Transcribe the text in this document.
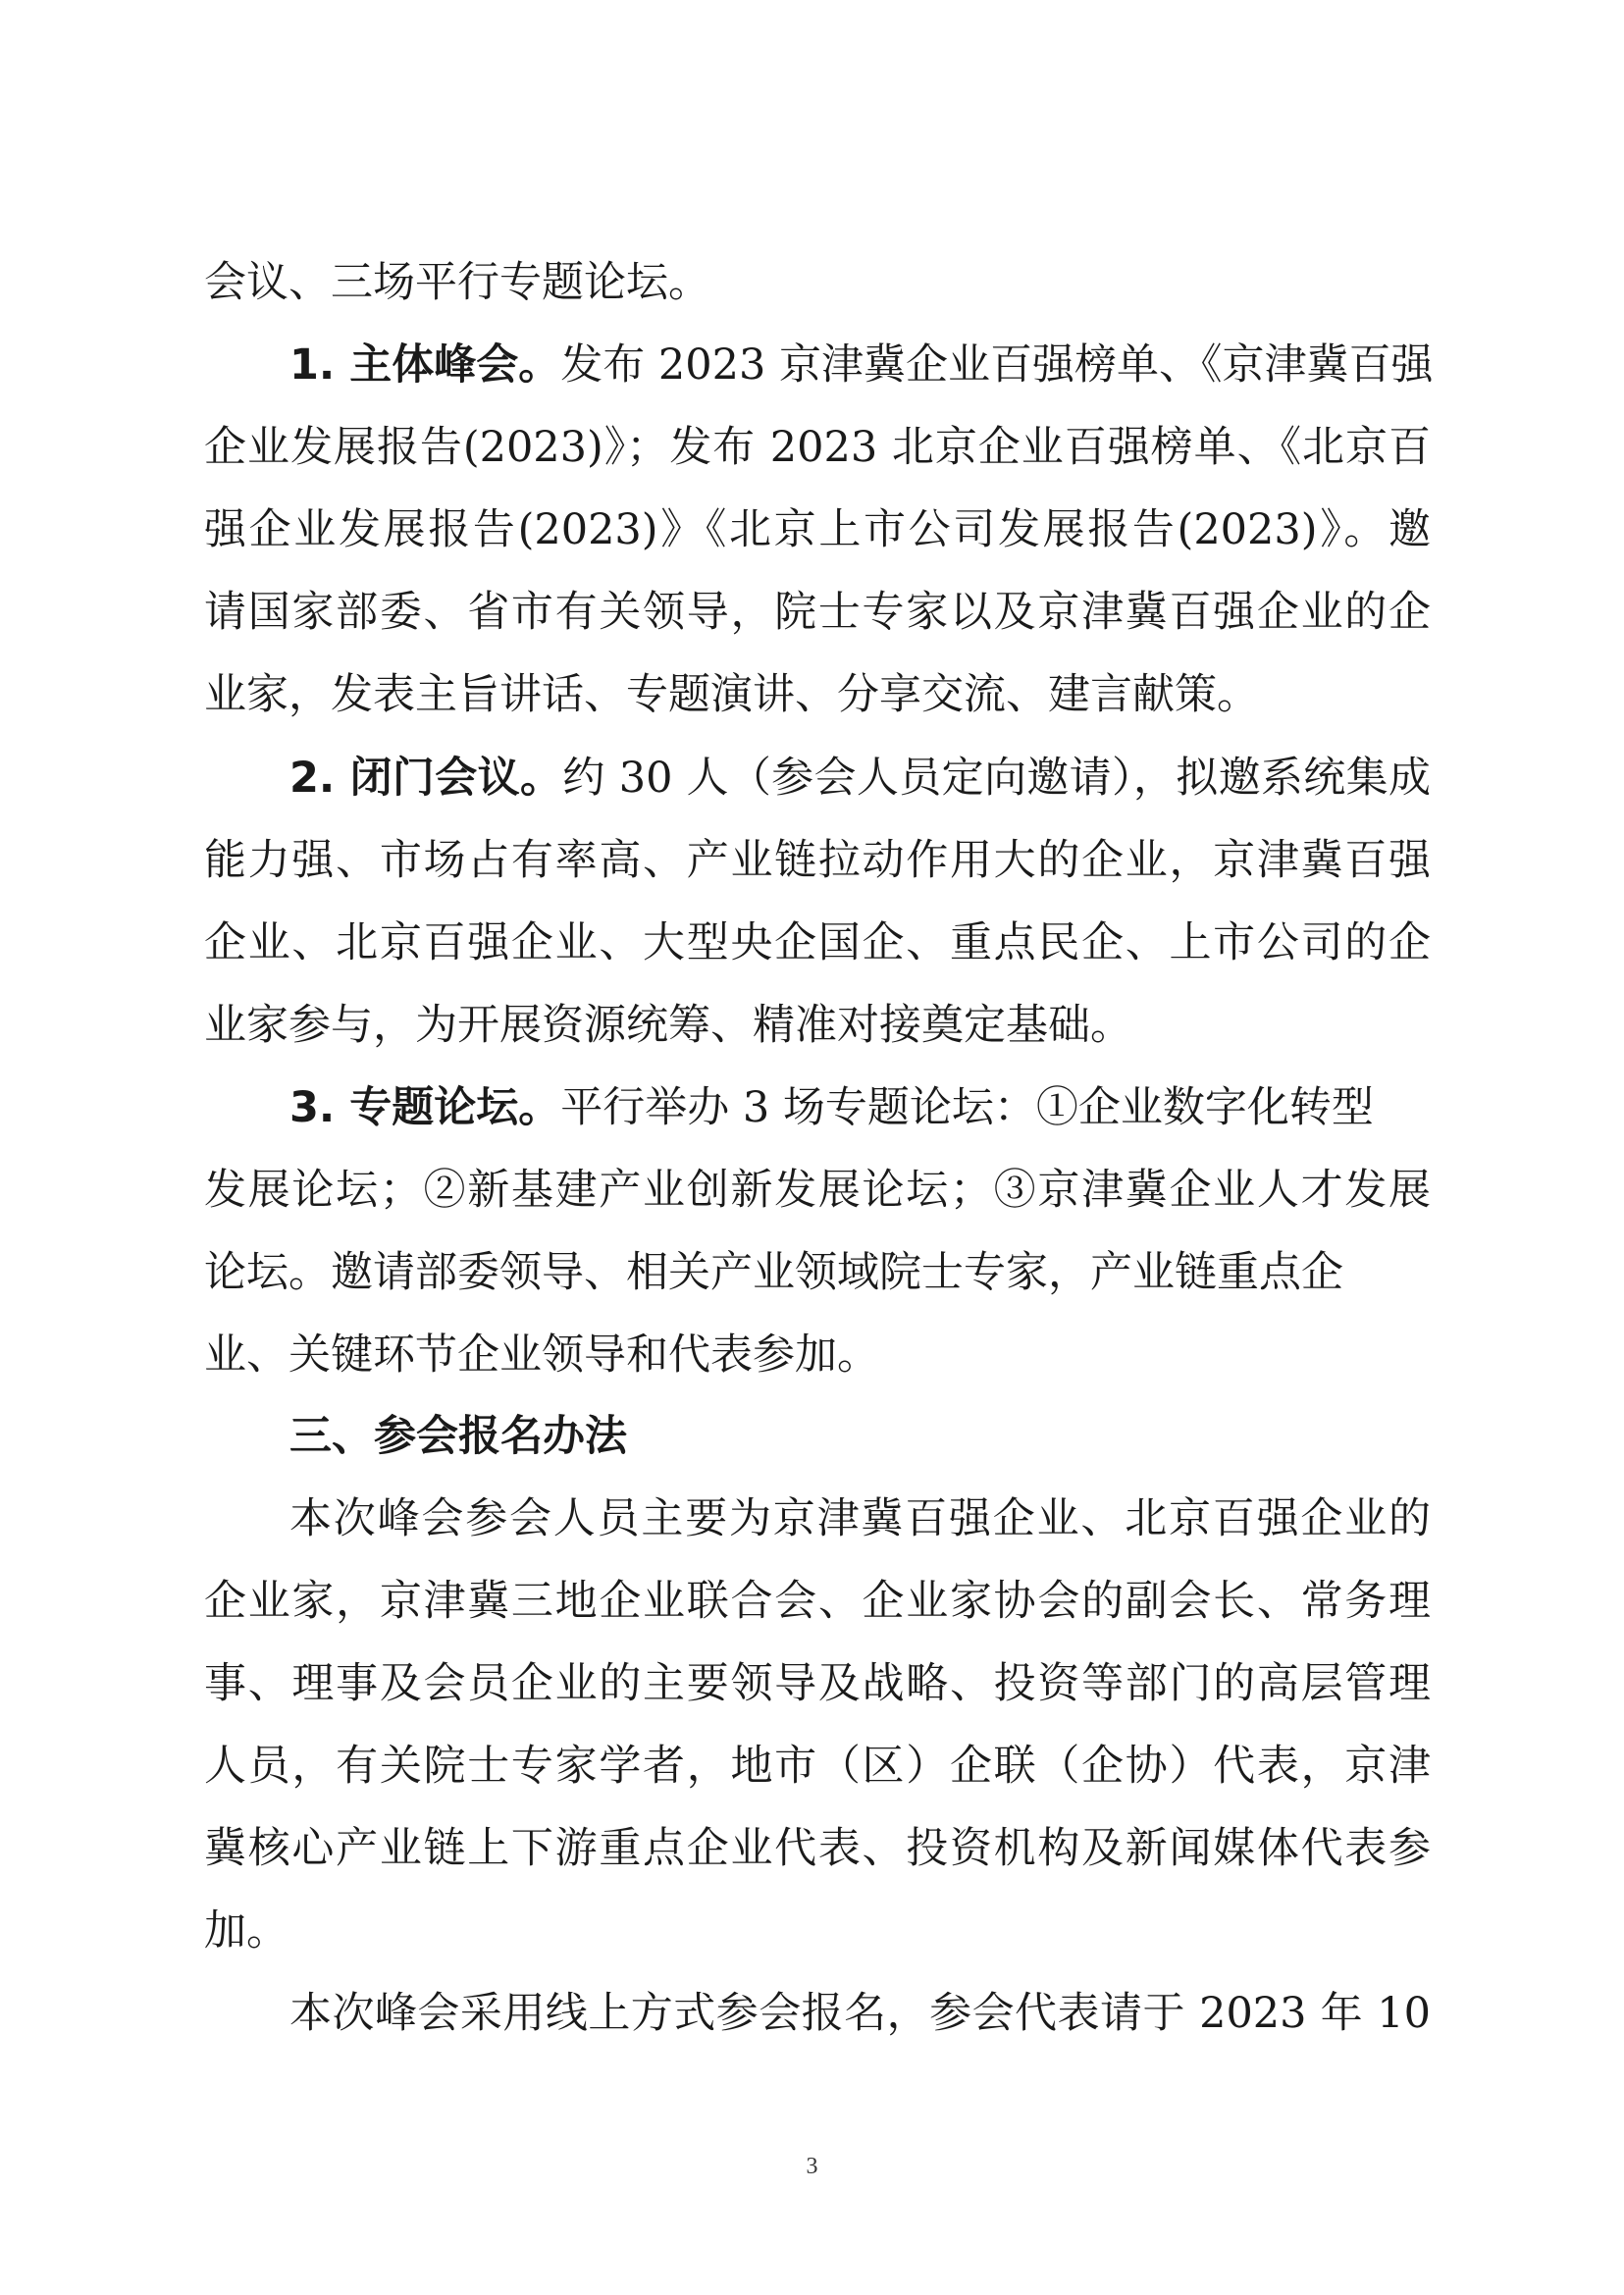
会议、三场平行专题论坛。
1. 主体峰会。发布 2023 京津冀企业百强榜单、《京津冀百强
企业发展报告(2023)》；发布 2023 北京企业百强榜单、《北京百
强企业发展报告(2023)》《北京上市公司发展报告(2023)》。邀
请国家部委、省市有关领导，院士专家以及京津冀百强企业的企
业家，发表主旨讲话、专题演讲、分享交流、建言献策。
2. 闭门会议。约 30 人（参会人员定向邀请），拟邀系统集成
能力强、市场占有率高、产业链拉动作用大的企业，京津冀百强
企业、北京百强企业、大型央企国企、重点民企、上市公司的企
业家参与，为开展资源统筹、精准对接奠定基础。
3. 专题论坛。平行举办 3 场专题论坛：①企业数字化转型
发展论坛；②新基建产业创新发展论坛；③京津冀企业人才发展
论坛。邀请部委领导、相关产业领域院士专家，产业链重点企
业、关键环节企业领导和代表参加。
三、参会报名办法
本次峰会参会人员主要为京津冀百强企业、北京百强企业的
企业家，京津冀三地企业联合会、企业家协会的副会长、常务理
事、理事及会员企业的主要领导及战略、投资等部门的高层管理
人员，有关院士专家学者，地市（区）企联（企协）代表，京津
冀核心产业链上下游重点企业代表、投资机构及新闻媒体代表参
加。
本次峰会采用线上方式参会报名，参会代表请于 2023 年 10
3
